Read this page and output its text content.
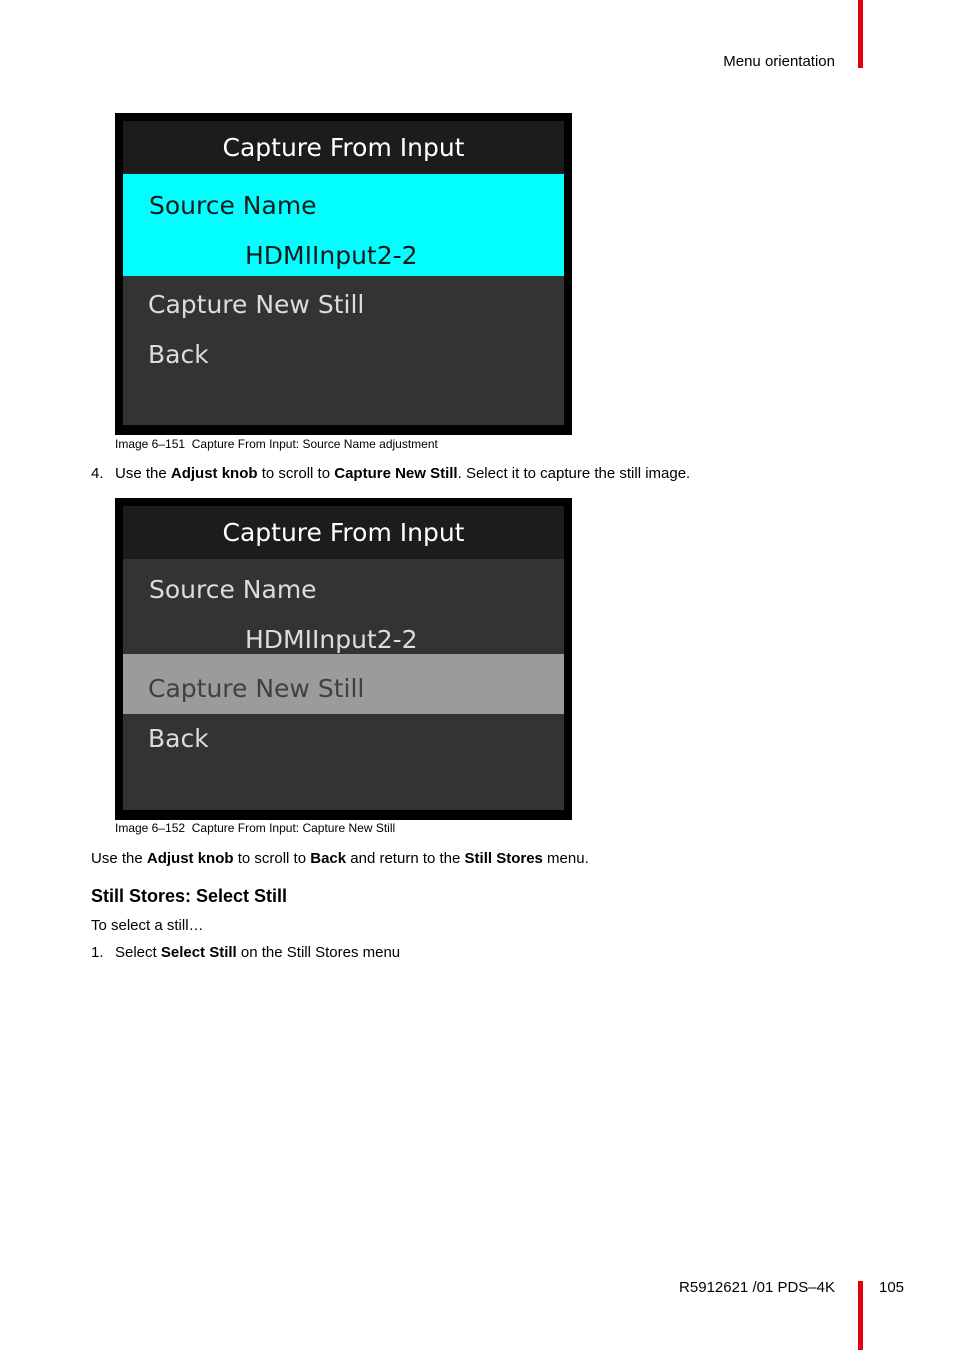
Menu orientation
Capture From Input
Source Name
HDMIInput2-2
Capture New Still
Back
Image 6–151 Capture From Input: Source Name adjustment
4. Use the Adjust knob to scroll to Capture New Still. Select it to capture the still image.
Capture From Input
Source Name
HDMIInput2-2
Capture New Still
Back
Image 6–152 Capture From Input: Capture New Still
Use the Adjust knob to scroll to Back and return to the Still Stores menu.
Still Stores: Select Still
To select a still…
1. Select Select Still on the Still Stores menu
R5912621 /01 PDS–4K	105
